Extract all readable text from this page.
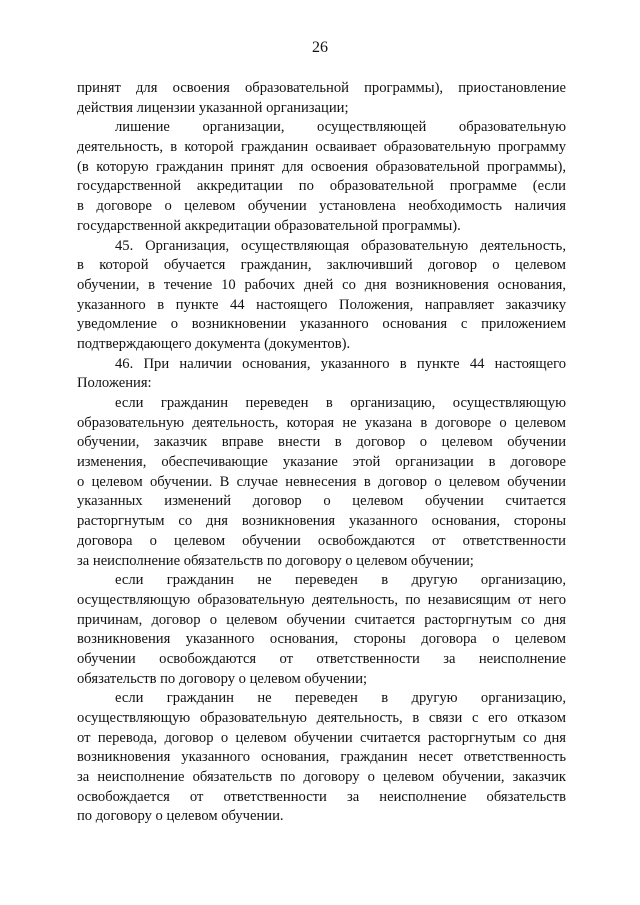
26
принят для освоения образовательной программы), приостановление
действия лицензии указанной организации;
лишение организации, осуществляющей образовательную
деятельность, в которой гражданин осваивает образовательную программу
(в которую гражданин принят для освоения образовательной программы),
государственной аккредитации по образовательной программе (если
в договоре о целевом обучении установлена необходимость наличия
государственной аккредитации образовательной программы).
45. Организация, осуществляющая образовательную деятельность,
в которой обучается гражданин, заключивший договор о целевом
обучении, в течение 10 рабочих дней со дня возникновения основания,
указанного в пункте 44 настоящего Положения, направляет заказчику
уведомление о возникновении указанного основания с приложением
подтверждающего документа (документов).
46. При наличии основания, указанного в пункте 44 настоящего
Положения:
если гражданин переведен в организацию, осуществляющую
образовательную деятельность, которая не указана в договоре о целевом
обучении, заказчик вправе внести в договор о целевом обучении
изменения, обеспечивающие указание этой организации в договоре
о целевом обучении. В случае невнесения в договор о целевом обучении
указанных изменений договор о целевом обучении считается
расторгнутым со дня возникновения указанного основания, стороны
договора о целевом обучении освобождаются от ответственности
за неисполнение обязательств по договору о целевом обучении;
если гражданин не переведен в другую организацию,
осуществляющую образовательную деятельность, по независящим от него
причинам, договор о целевом обучении считается расторгнутым со дня
возникновения указанного основания, стороны договора о целевом
обучении освобождаются от ответственности за неисполнение
обязательств по договору о целевом обучении;
если гражданин не переведен в другую организацию,
осуществляющую образовательную деятельность, в связи с его отказом
от перевода, договор о целевом обучении считается расторгнутым со дня
возникновения указанного основания, гражданин несет ответственность
за неисполнение обязательств по договору о целевом обучении, заказчик
освобождается от ответственности за неисполнение обязательств
по договору о целевом обучении.
